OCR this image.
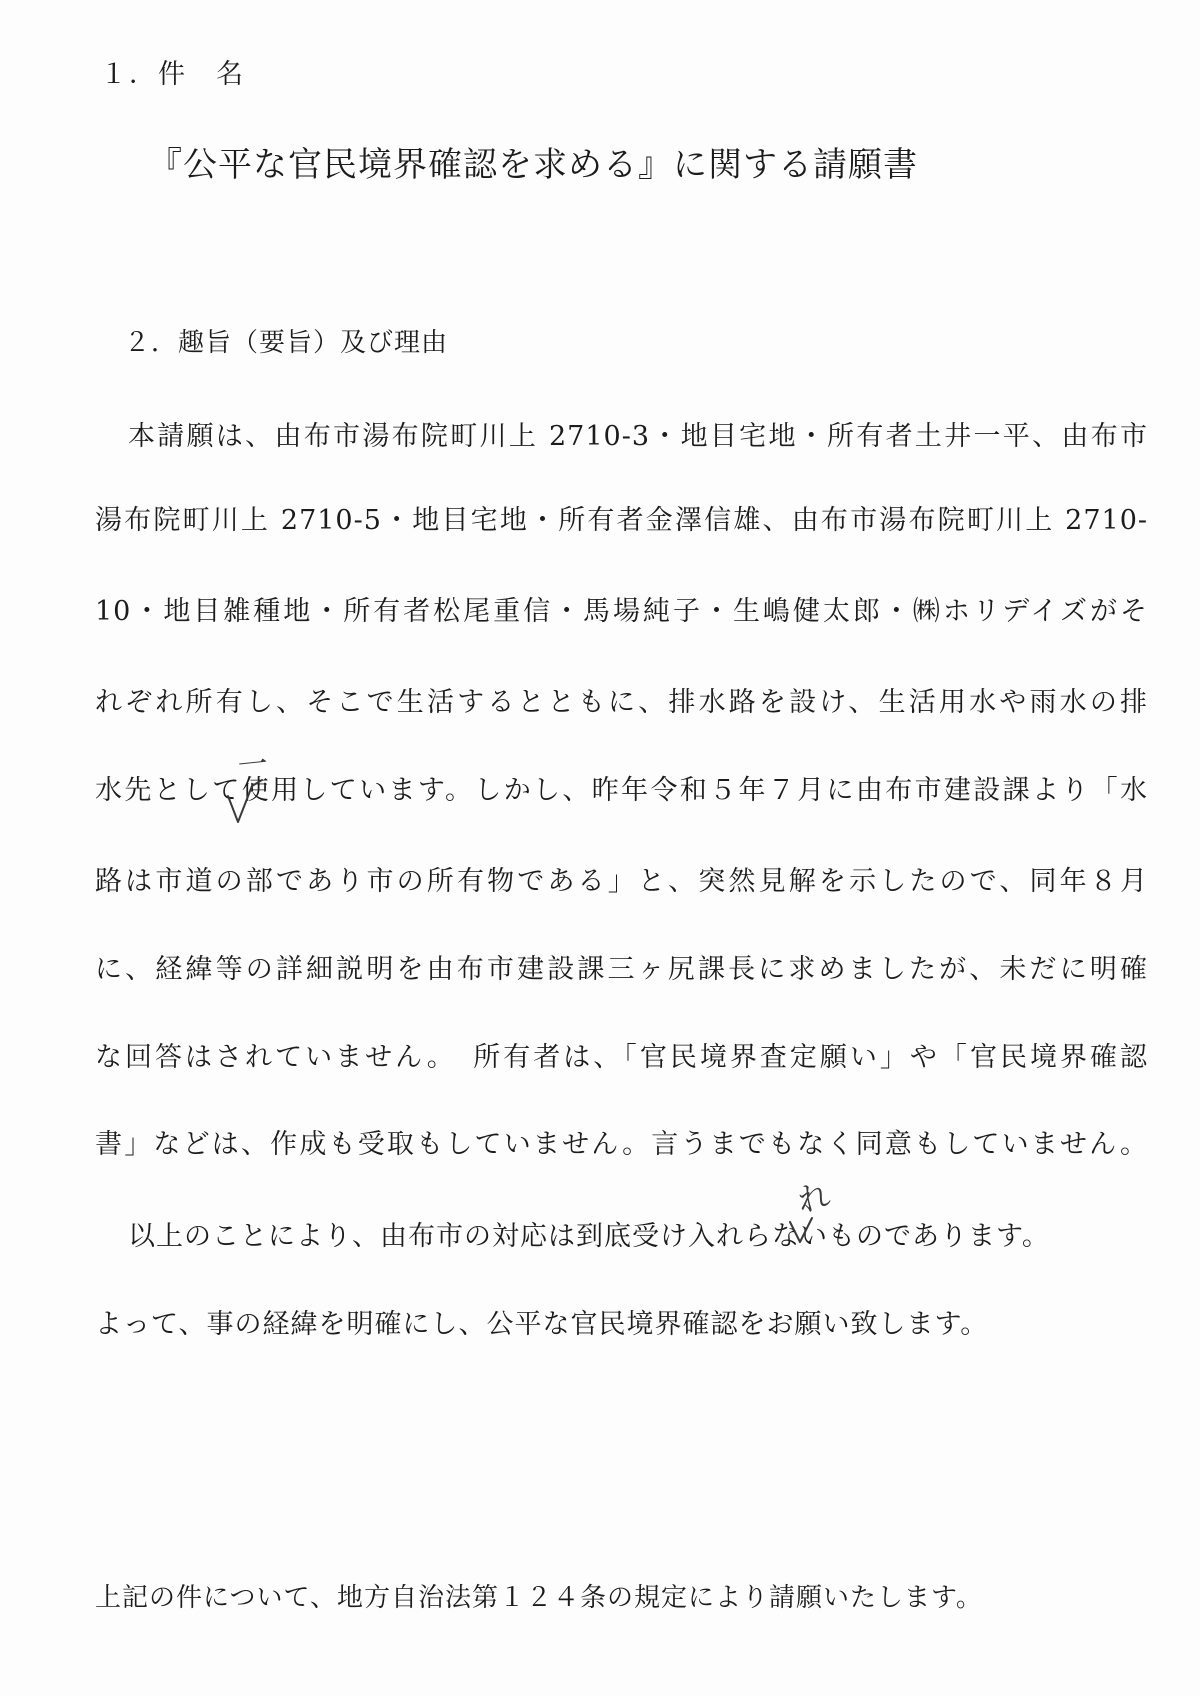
１．件　名
『公平な官民境界確認を求める』に関する請願書
２．趣旨（要旨）及び理由
本請願は、由布市湯布院町川上 2710-3・地目宅地・所有者土井一平、由布市
湯布院町川上 2710-5・地目宅地・所有者金澤信雄、由布市湯布院町川上 2710-
10・地目雑種地・所有者松尾重信・馬場純子・生嶋健太郎・㈱ホリデイズがそ
れぞれ所有し、そこで生活するとともに、排水路を設け、生活用水や雨水の排
水先として使用しています。しかし、昨年令和５年７月に由布市建設課より「水
路は市道の部であり市の所有物である」と、突然見解を示したので、同年８月
に、経緯等の詳細説明を由布市建設課三ヶ尻課長に求めましたが、未だに明確
な回答はされていません。　所有者は、「官民境界査定願い」や「官民境界確認
書」などは、作成も受取もしていません。言うまでもなく同意もしていません。
以上のことにより、由布市の対応は到底受け入れらないものであります。
よって、事の経緯を明確にし、公平な官民境界確認をお願い致します。
一
れ
上記の件について、地方自治法第１２４条の規定により請願いたします。
